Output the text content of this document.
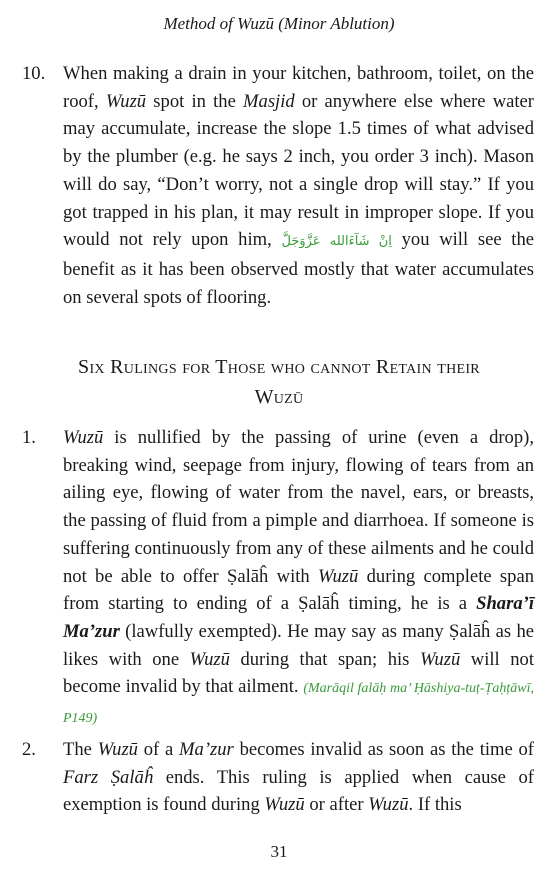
Method of Wuzū (Minor Ablution)
10. When making a drain in your kitchen, bathroom, toilet, on the roof, Wuzū spot in the Masjid or anywhere else where water may accumulate, increase the slope 1.5 times of what advised by the plumber (e.g. he says 2 inch, you order 3 inch). Mason will do say, “Don’t worry, not a single drop will stay.” If you got trapped in his plan, it may result in improper slope. If you would not rely upon him, اِنْ شَآءَالله عَزَّوَجَلَّ you will see the benefit as it has been observed mostly that water accumulates on several spots of flooring.
Six Rulings for Those who cannot Retain their
Wuzū
1.	Wuzū is nullified by the passing of urine (even a drop), breaking wind, seepage from injury, flowing of tears from an ailing eye, flowing of water from the navel, ears, or breasts, the passing of fluid from a pimple and diarrhoea. If someone is suffering continuously from any of these ailments and he could not be able to offer Ṣalāĥ with Wuzū during complete span from starting to ending of a Ṣalāĥ timing, he is a Shara’ī Ma’zur (lawfully exempted). He may say as many Ṣalāĥ as he likes with one Wuzū during that span; his Wuzū will not become invalid by that ailment. (Marāqil falāḥ ma’ Ḥāshiya-tuṭ-Ṭaḥṭāwī, P149)
2.	The Wuzū of a Ma’zur becomes invalid as soon as the time of Farz Ṣalāĥ ends. This ruling is applied when cause of exemption is found during Wuzū or after Wuzū. If this
31
